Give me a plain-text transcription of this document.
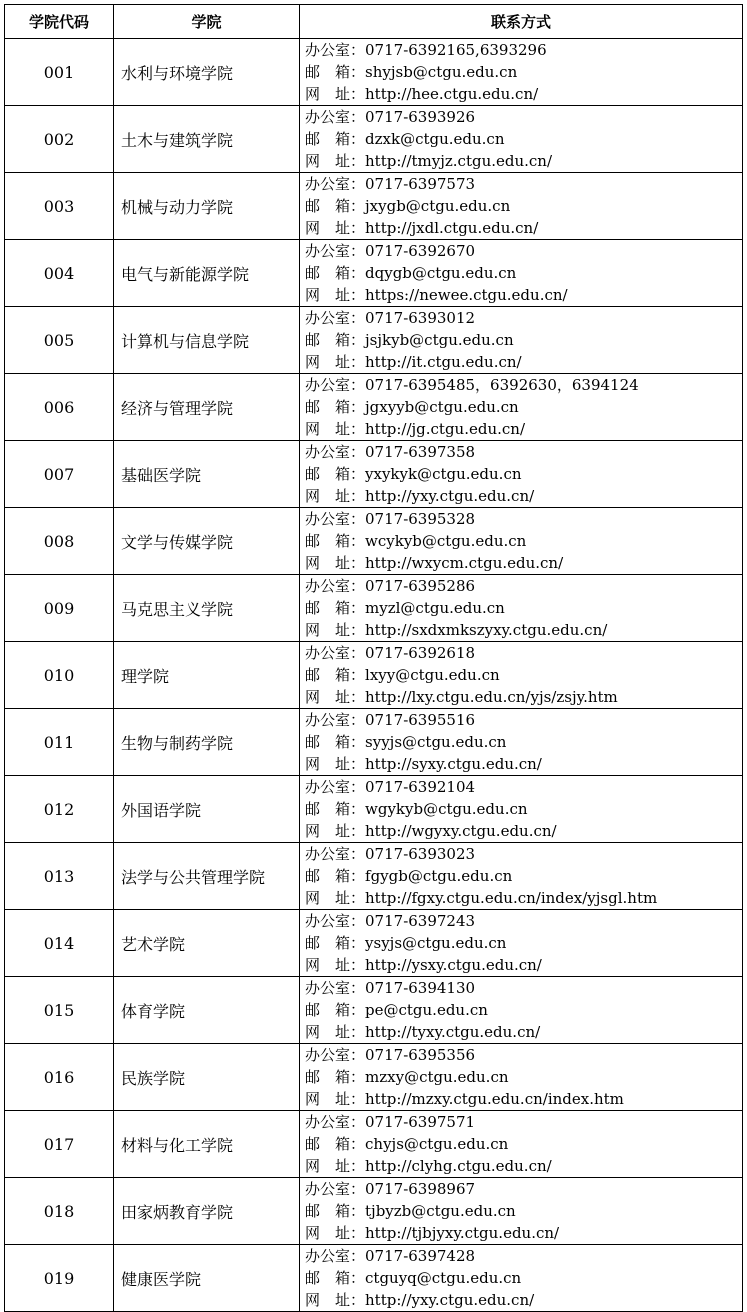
学院代码	学院	联系方式
001	水利与环境学院	办公室：0717-6392165,6393296
邮　箱：shyjsb@ctgu.edu.cn
网　址：http://hee.ctgu.edu.cn/

002	土木与建筑学院	办公室：0717-6393926
邮　箱：dzxk@ctgu.edu.cn
网　址：http://tmyjz.ctgu.edu.cn/

003	机械与动力学院	办公室：0717-6397573
邮　箱：jxygb@ctgu.edu.cn
网　址：http://jxdl.ctgu.edu.cn/

004	电气与新能源学院	办公室：0717-6392670
邮　箱：dqygb@ctgu.edu.cn
网　址：https://newee.ctgu.edu.cn/

005	计算机与信息学院	办公室：0717-6393012
邮　箱：jsjkyb@ctgu.edu.cn
网　址：http://it.ctgu.edu.cn/

006	经济与管理学院	办公室：0717-6395485，6392630，6394124
邮　箱：jgxyyb@ctgu.edu.cn
网　址：http://jg.ctgu.edu.cn/

007	基础医学院	办公室：0717-6397358
邮　箱：yxykyk@ctgu.edu.cn
网　址：http://yxy.ctgu.edu.cn/

008	文学与传媒学院	办公室：0717-6395328
邮　箱：wcykyb@ctgu.edu.cn
网　址：http://wxycm.ctgu.edu.cn/

009	马克思主义学院	办公室：0717-6395286
邮　箱：myzl@ctgu.edu.cn
网　址：http://sxdxmkszyxy.ctgu.edu.cn/

010	理学院	办公室：0717-6392618
邮　箱：lxyy@ctgu.edu.cn
网　址：http://lxy.ctgu.edu.cn/yjs/zsjy.htm

011	生物与制药学院	办公室：0717-6395516
邮　箱：syyjs@ctgu.edu.cn
网　址：http://syxy.ctgu.edu.cn/

012	外国语学院	办公室：0717-6392104
邮　箱：wgykyb@ctgu.edu.cn
网　址：http://wgyxy.ctgu.edu.cn/

013	法学与公共管理学院	办公室：0717-6393023
邮　箱：fgygb@ctgu.edu.cn
网　址：http://fgxy.ctgu.edu.cn/index/yjsgl.htm

014	艺术学院	办公室：0717-6397243
邮　箱：ysyjs@ctgu.edu.cn
网　址：http://ysxy.ctgu.edu.cn/

015	体育学院	办公室：0717-6394130
邮　箱：pe@ctgu.edu.cn
网　址：http://tyxy.ctgu.edu.cn/

016	民族学院	办公室：0717-6395356
邮　箱：mzxy@ctgu.edu.cn
网　址：http://mzxy.ctgu.edu.cn/index.htm

017	材料与化工学院	办公室：0717-6397571
邮　箱：chyjs@ctgu.edu.cn
网　址：http://clyhg.ctgu.edu.cn/

018	田家炳教育学院	办公室：0717-6398967
邮　箱：tjbyzb@ctgu.edu.cn
网　址：http://tjbjyxy.ctgu.edu.cn/

019	健康医学院	办公室：0717-6397428
邮　箱：ctguyq@ctgu.edu.cn
网　址：http://yxy.ctgu.edu.cn/
